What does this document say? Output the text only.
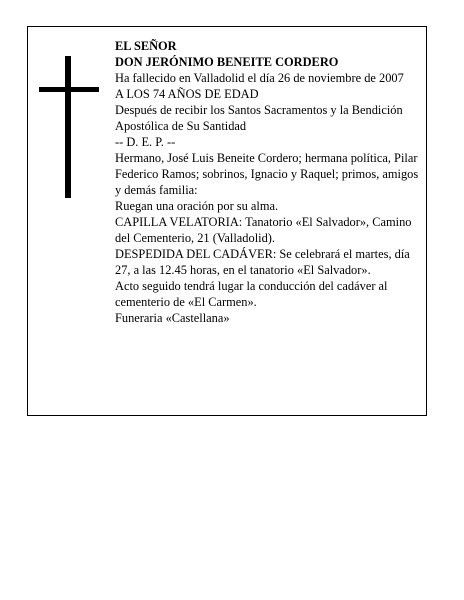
EL SEÑOR

DON JERÓNIMO BENEITE CORDERO

Ha fallecido en Valladolid el día 26 de noviembre de 2007

A LOS 74 AÑOS DE EDAD

Después de recibir los Santos Sacramentos y la Bendición Apostólica de Su Santidad

-- D. E. P. --

Hermano, José Luis Beneite Cordero; hermana política, Pilar Federico Ramos; sobrinos, Ignacio y Raquel; primos, amigos y demás familia:

Ruegan una oración por su alma.

CAPILLA VELATORIA: Tanatorio «El Salvador», Camino del Cementerio, 21 (Valladolid).

DESPEDIDA DEL CADÁVER: Se celebrará el martes, día 27, a las 12.45 horas, en el tanatorio «El Salvador».

Acto seguido tendrá lugar la conducción del cadáver al cementerio de «El Carmen».

Funeraria «Castellana»
